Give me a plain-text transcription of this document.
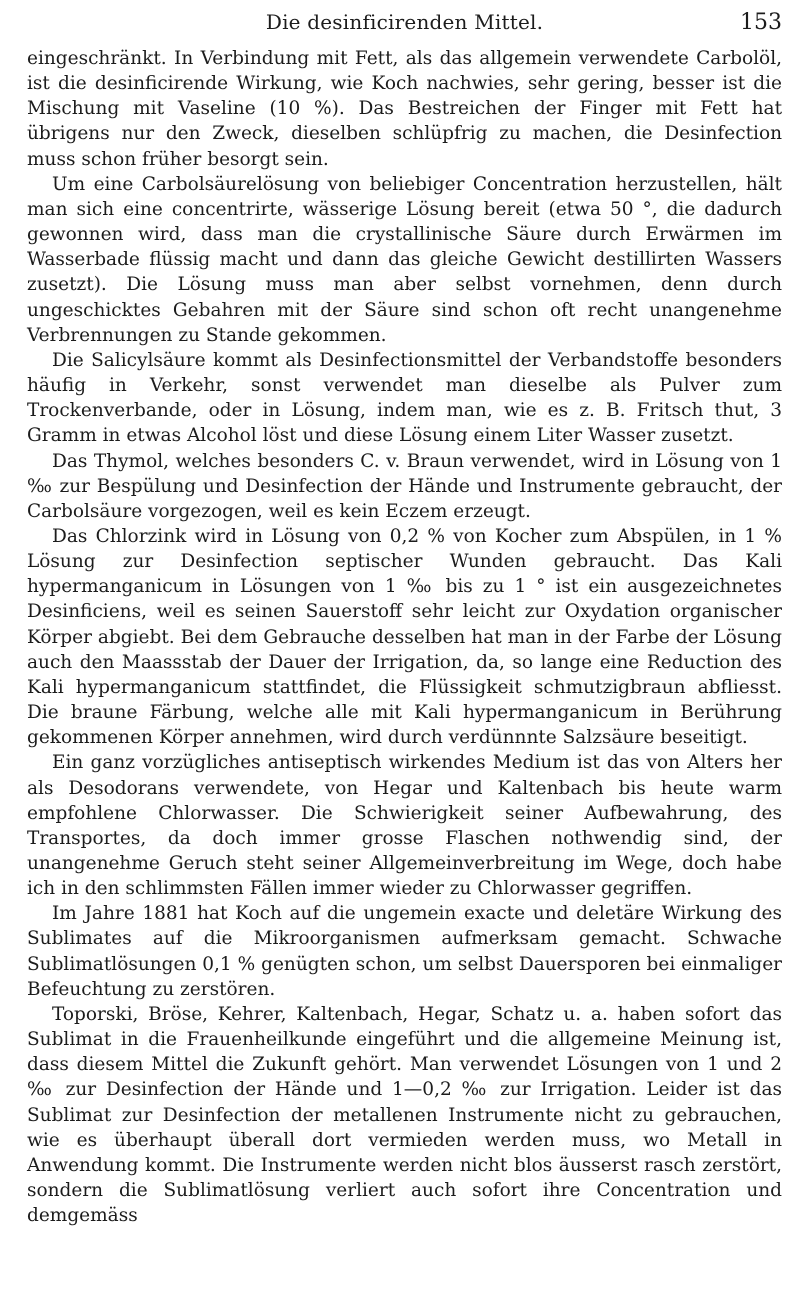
Die desinficirenden Mittel.	153

eingeschränkt. In Verbindung mit Fett, als das allgemein verwendete Carbolöl, ist die desinficirende Wirkung, wie Koch nachwies, sehr gering, besser ist die Mischung mit Vaseline (10 %). Das Bestreichen der Finger mit Fett hat übrigens nur den Zweck, dieselben schlüpfrig zu machen, die Desinfection muss schon früher besorgt sein.

Um eine Carbolsäurelösung von beliebiger Concentration herzustellen, hält man sich eine concentrirte, wässerige Lösung bereit (etwa 50 °, die dadurch gewonnen wird, dass man die crystallinische Säure durch Erwärmen im Wasserbade flüssig macht und dann das gleiche Gewicht destillirten Wassers zusetzt). Die Lösung muss man aber selbst vornehmen, denn durch ungeschicktes Gebahren mit der Säure sind schon oft recht unangenehme Verbrennungen zu Stande gekommen.

Die Salicylsäure kommt als Desinfectionsmittel der Verbandstoffe besonders häufig in Verkehr, sonst verwendet man dieselbe als Pulver zum Trockenverbande, oder in Lösung, indem man, wie es z. B. Fritsch thut, 3 Gramm in etwas Alcohol löst und diese Lösung einem Liter Wasser zusetzt.

Das Thymol, welches besonders C. v. Braun verwendet, wird in Lösung von 1 ‰ zur Bespülung und Desinfection der Hände und Instrumente gebraucht, der Carbolsäure vorgezogen, weil es kein Eczem erzeugt.

Das Chlorzink wird in Lösung von 0,2 % von Kocher zum Abspülen, in 1 % Lösung zur Desinfection septischer Wunden gebraucht. Das Kali hypermanganicum in Lösungen von 1 ‰ bis zu 1 ° ist ein ausgezeichnetes Desinficiens, weil es seinen Sauerstoff sehr leicht zur Oxydation organischer Körper abgiebt. Bei dem Gebrauche desselben hat man in der Farbe der Lösung auch den Maassstab der Dauer der Irrigation, da, so lange eine Reduction des Kali hypermanganicum stattfindet, die Flüssigkeit schmutzigbraun abfliesst. Die braune Färbung, welche alle mit Kali hypermanganicum in Berührung gekommenen Körper annehmen, wird durch verdünnnte Salzsäure beseitigt.

Ein ganz vorzügliches antiseptisch wirkendes Medium ist das von Alters her als Desodorans verwendete, von Hegar und Kaltenbach bis heute warm empfohlene Chlorwasser. Die Schwierigkeit seiner Aufbewahrung, des Transportes, da doch immer grosse Flaschen nothwendig sind, der unangenehme Geruch steht seiner Allgemeinverbreitung im Wege, doch habe ich in den schlimmsten Fällen immer wieder zu Chlorwasser gegriffen.

Im Jahre 1881 hat Koch auf die ungemein exacte und deletäre Wirkung des Sublimates auf die Mikroorganismen aufmerksam gemacht. Schwache Sublimatlösungen 0,1 % genügten schon, um selbst Dauersporen bei einmaliger Befeuchtung zu zerstören.

Toporski, Bröse, Kehrer, Kaltenbach, Hegar, Schatz u. a. haben sofort das Sublimat in die Frauenheilkunde eingeführt und die allgemeine Meinung ist, dass diesem Mittel die Zukunft gehört. Man verwendet Lösungen von 1 und 2 ‰ zur Desinfection der Hände und 1—0,2 ‰ zur Irrigation. Leider ist das Sublimat zur Desinfection der metallenen Instrumente nicht zu gebrauchen, wie es überhaupt überall dort vermieden werden muss, wo Metall in Anwendung kommt. Die Instrumente werden nicht blos äusserst rasch zerstört, sondern die Sublimatlösung verliert auch sofort ihre Concentration und demgemäss
